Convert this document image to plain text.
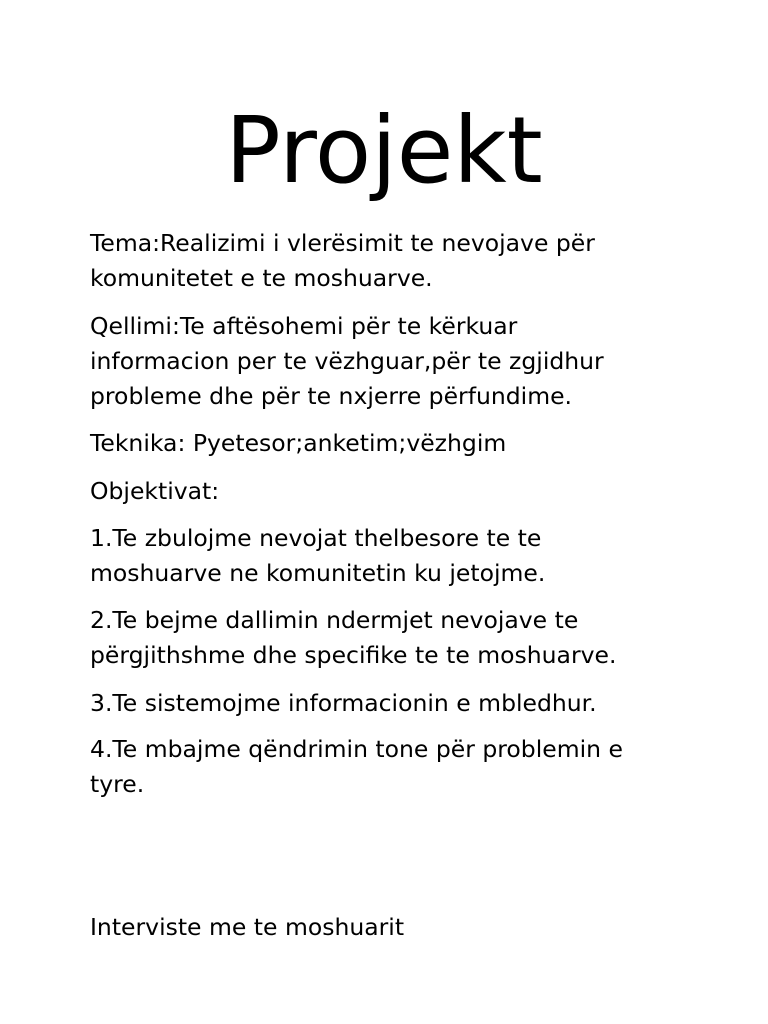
Projekt

Tema:Realizimi i vlerësimit te nevojave për
komunitetet e te moshuarve.

Qellimi:Te aftësohemi për te kërkuar
informacion per te vëzhguar,për te zgjidhur
probleme dhe për te nxjerre përfundime.

Teknika: Pyetesor;anketim;vëzhgim

Objektivat:

1.Te zbulojme nevojat thelbesore te te
moshuarve ne komunitetin ku jetojme.

2.Te bejme dallimin ndermjet nevojave te
përgjithshme dhe specifike te te moshuarve.

3.Te sistemojme informacionin e mbledhur.

4.Te mbajme qëndrimin tone për problemin e
tyre.

Interviste me te moshuarit
